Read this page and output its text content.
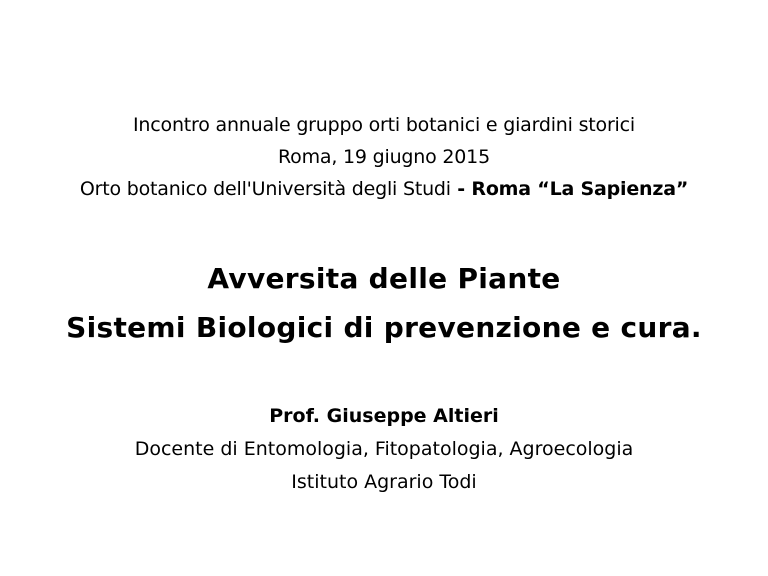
Incontro annuale gruppo orti botanici e giardini storici
Roma, 19 giugno 2015
Orto botanico dell'Università degli Studi - Roma “La Sapienza”
Avversita delle Piante
Sistemi Biologici di prevenzione e cura.
Prof. Giuseppe Altieri
Docente di Entomologia, Fitopatologia, Agroecologia
Istituto Agrario Todi
